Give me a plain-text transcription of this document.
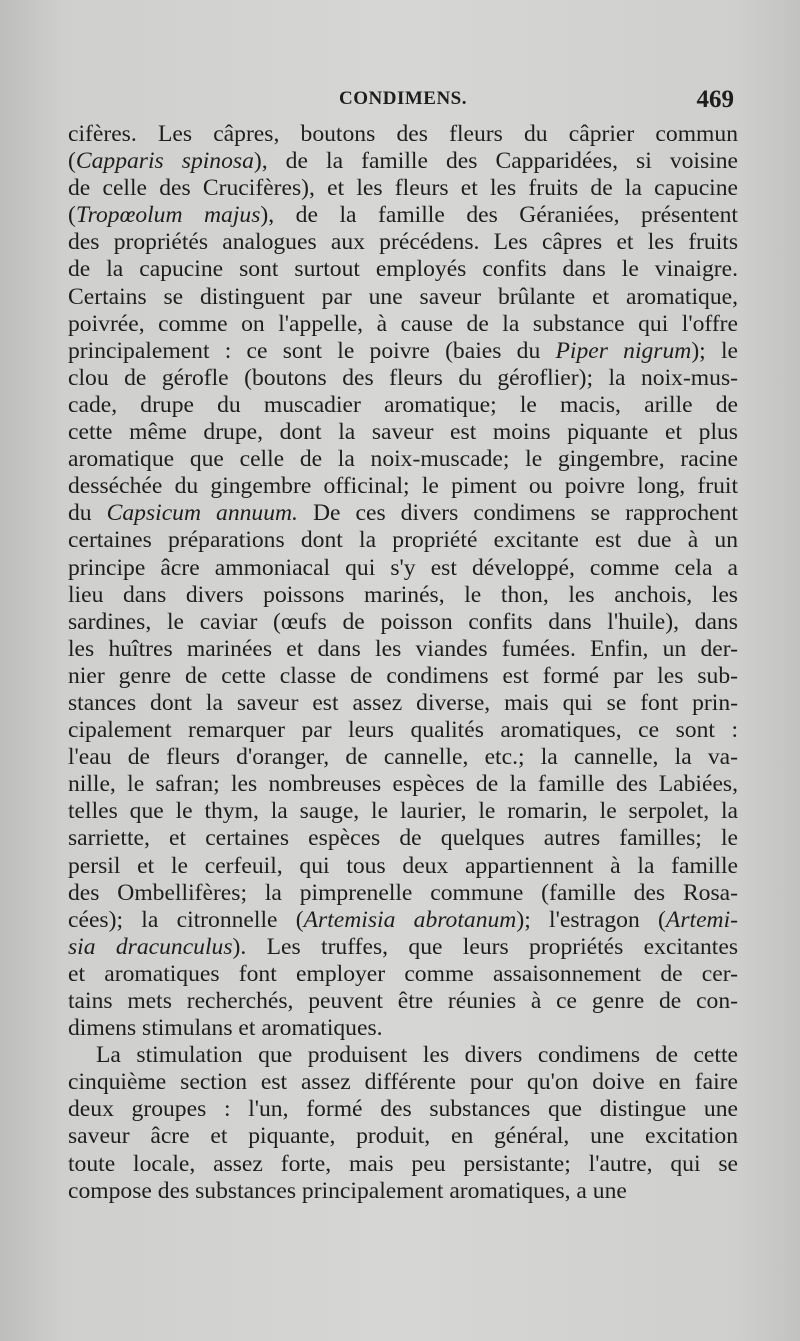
CONDIMENS.	469
cifères. Les câpres, boutons des fleurs du câprier commun
(Capparis spinosa), de la famille des Capparidées, si voisine
de celle des Crucifères), et les fleurs et les fruits de la capucine
(Tropœolum majus), de la famille des Géraniées, présentent
des propriétés analogues aux précédens. Les câpres et les fruits
de la capucine sont surtout employés confits dans le vinaigre.
Certains se distinguent par une saveur brûlante et aromatique,
poivrée, comme on l'appelle, à cause de la substance qui l'offre
principalement : ce sont le poivre (baies du Piper nigrum); le
clou de gérofle (boutons des fleurs du géroflier); la noix-mus-
cade, drupe du muscadier aromatique; le macis, arille de
cette même drupe, dont la saveur est moins piquante et plus
aromatique que celle de la noix-muscade; le gingembre, racine
desséchée du gingembre officinal; le piment ou poivre long, fruit
du Capsicum annuum. De ces divers condimens se rapprochent
certaines préparations dont la propriété excitante est due à un
principe âcre ammoniacal qui s'y est développé, comme cela a
lieu dans divers poissons marinés, le thon, les anchois, les
sardines, le caviar (œufs de poisson confits dans l'huile), dans
les huîtres marinées et dans les viandes fumées. Enfin, un der-
nier genre de cette classe de condimens est formé par les sub-
stances dont la saveur est assez diverse, mais qui se font prin-
cipalement remarquer par leurs qualités aromatiques, ce sont :
l'eau de fleurs d'oranger, de cannelle, etc.; la cannelle, la va-
nille, le safran; les nombreuses espèces de la famille des Labiées,
telles que le thym, la sauge, le laurier, le romarin, le serpolet, la
sarriette, et certaines espèces de quelques autres familles; le
persil et le cerfeuil, qui tous deux appartiennent à la famille
des Ombellifères; la pimprenelle commune (famille des Rosa-
cées); la citronnelle (Artemisia abrotanum); l'estragon (Artemi-
sia dracunculus). Les truffes, que leurs propriétés excitantes
et aromatiques font employer comme assaisonnement de cer-
tains mets recherchés, peuvent être réunies à ce genre de con-
dimens stimulans et aromatiques.
La stimulation que produisent les divers condimens de cette
cinquième section est assez différente pour qu'on doive en faire
deux groupes : l'un, formé des substances que distingue une
saveur âcre et piquante, produit, en général, une excitation
toute locale, assez forte, mais peu persistante; l'autre, qui se
compose des substances principalement aromatiques, a une
